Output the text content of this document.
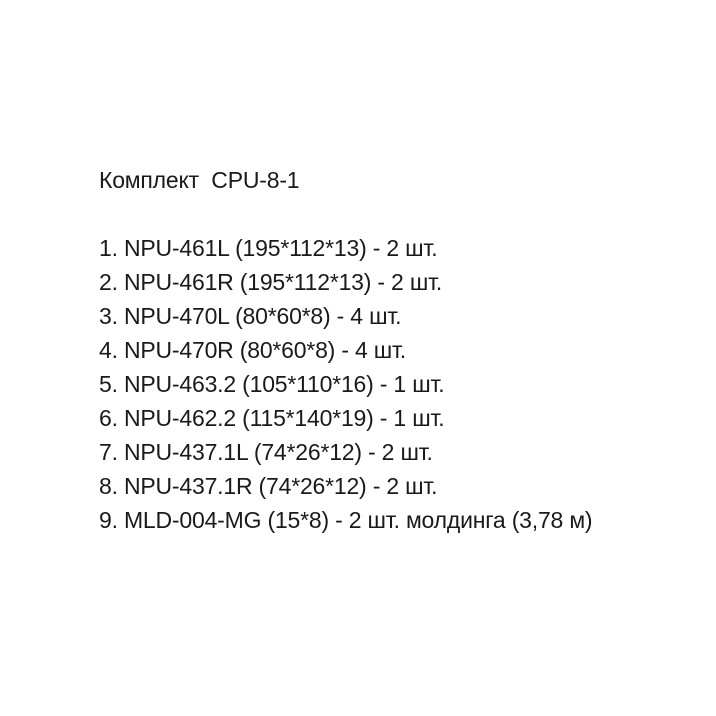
Комплект  CPU-8-1
1. NPU-461L (195*112*13) - 2 шт.
2. NPU-461R (195*112*13) - 2 шт.
3. NPU-470L (80*60*8) - 4 шт.
4. NPU-470R (80*60*8) - 4 шт.
5. NPU-463.2 (105*110*16) - 1 шт.
6. NPU-462.2 (115*140*19) - 1 шт.
7. NPU-437.1L (74*26*12) - 2 шт.
8. NPU-437.1R (74*26*12) - 2 шт.
9. MLD-004-MG (15*8) - 2 шт. молдинга (3,78 м)
